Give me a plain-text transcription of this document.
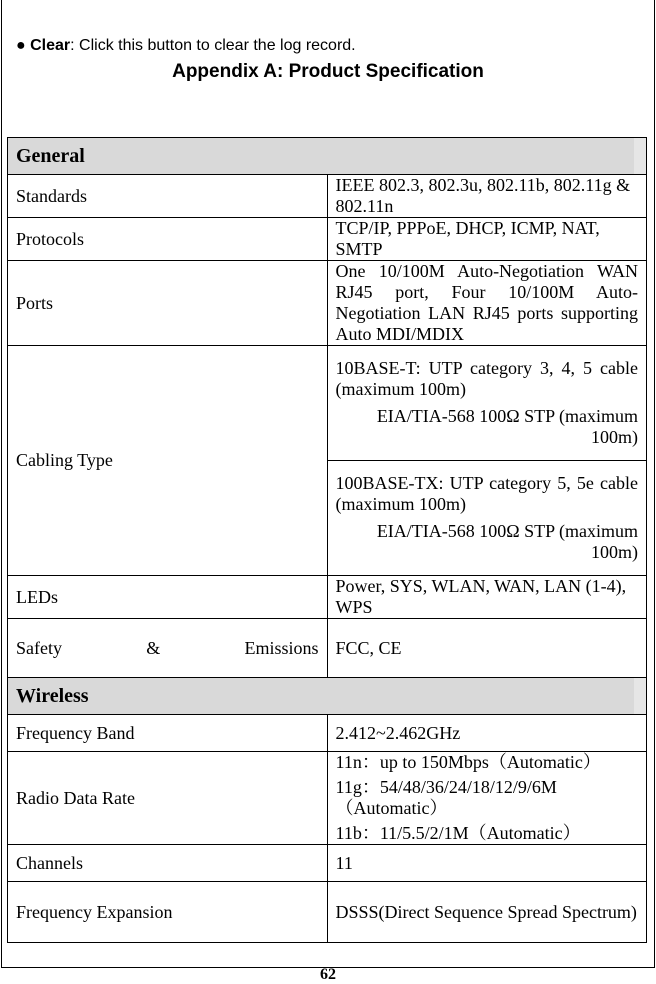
● Clear: Click this button to clear the log record.
Appendix A: Product Specification
General	
Standards	IEEE 802.3, 802.3u, 802.11b, 802.11g & 802.11n
Protocols	TCP/IP, PPPoE, DHCP, ICMP, NAT, SMTP
Ports	One 10/100M Auto-Negotiation WAN RJ45 port, Four 10/100M Auto-Negotiation LAN RJ45 ports supporting Auto MDI/MDIX
Cabling Type	10BASE-T: UTP category 3, 4, 5 cable (maximum 100m)
EIA/TIA-568 100Ω STP (maximum 100m)

	100BASE-TX: UTP category 5, 5e cable (maximum 100m)
EIA/TIA-568 100Ω STP (maximum 100m)

LEDs	Power, SYS, WLAN, WAN, LAN (1-4), WPS
Safety & Emissions	FCC, CE
Wireless	
Frequency Band	2.412~2.462GHz
Radio Data Rate	11n：up to 150Mbps（Automatic）
11g：54/48/36/24/18/12/9/6M（Automatic）
11b：11/5.5/2/1M（Automatic）

Channels	11
Frequency Expansion	DSSS(Direct Sequence Spread Spectrum)
62
